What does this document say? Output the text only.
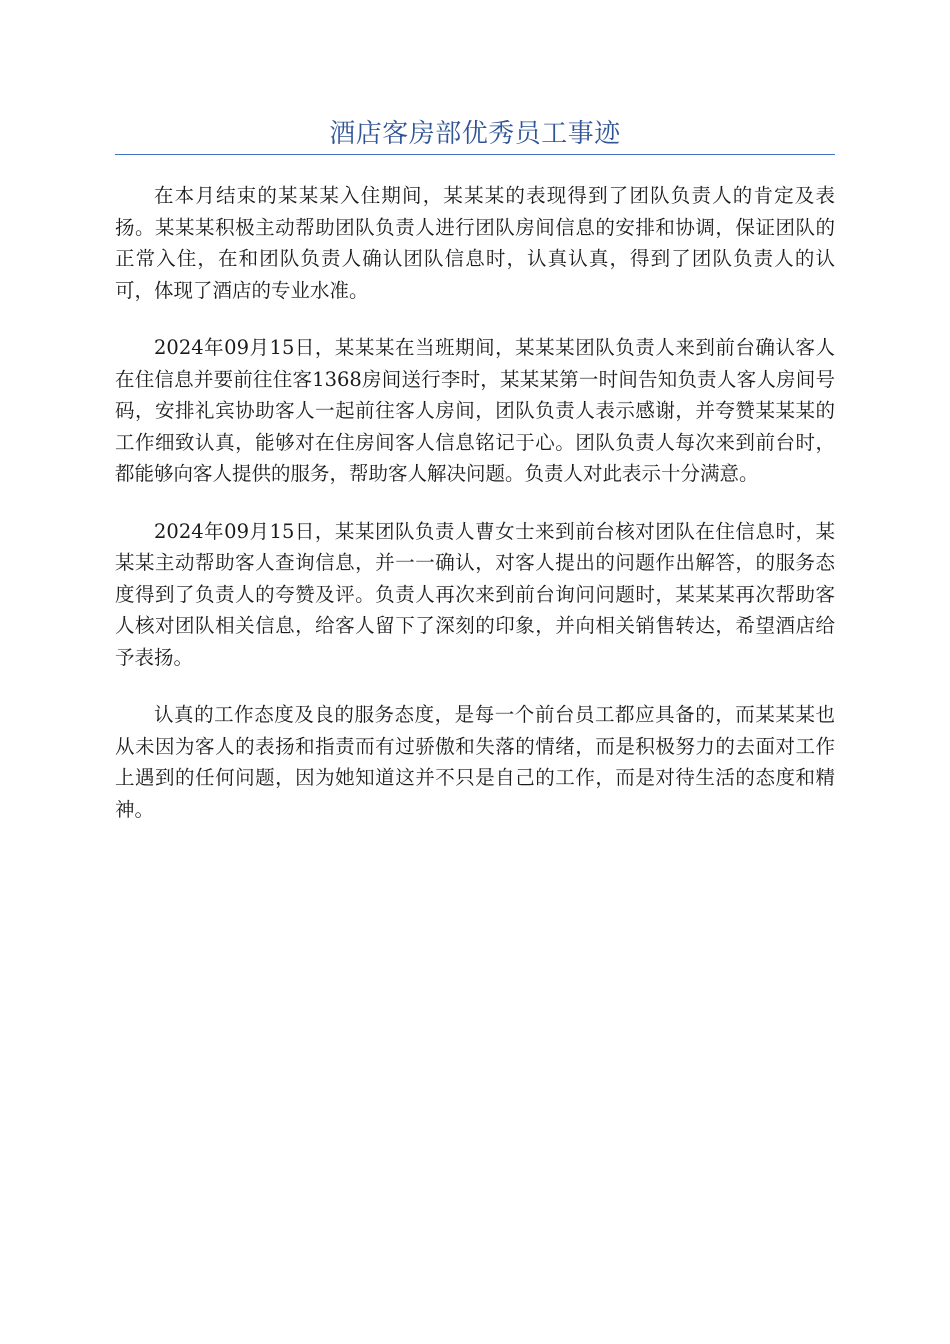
酒店客房部优秀员工事迹

在本月结束的某某某入住期间，某某某的表现得到了团队负责人的肯定及表扬。某某某积极主动帮助团队负责人进行团队房间信息的安排和协调，保证团队的正常入住，在和团队负责人确认团队信息时，认真认真，得到了团队负责人的认可，体现了酒店的专业水准。

2024年09月15日，某某某在当班期间，某某某团队负责人来到前台确认客人在住信息并要前往住客1368房间送行李时，某某某第一时间告知负责人客人房间号码，安排礼宾协助客人一起前往客人房间，团队负责人表示感谢，并夸赞某某某的工作细致认真，能够对在住房间客人信息铭记于心。团队负责人每次来到前台时，都能够向客人提供的服务，帮助客人解决问题。负责人对此表示十分满意。

2024年09月15日，某某团队负责人曹女士来到前台核对团队在住信息时，某某某主动帮助客人查询信息，并一一确认，对客人提出的问题作出解答，的服务态度得到了负责人的夸赞及评。负责人再次来到前台询问问题时，某某某再次帮助客人核对团队相关信息，给客人留下了深刻的印象，并向相关销售转达，希望酒店给予表扬。

认真的工作态度及良的服务态度，是每一个前台员工都应具备的，而某某某也从未因为客人的表扬和指责而有过骄傲和失落的情绪，而是积极努力的去面对工作上遇到的任何问题，因为她知道这并不只是自己的工作，而是对待生活的态度和精神。
